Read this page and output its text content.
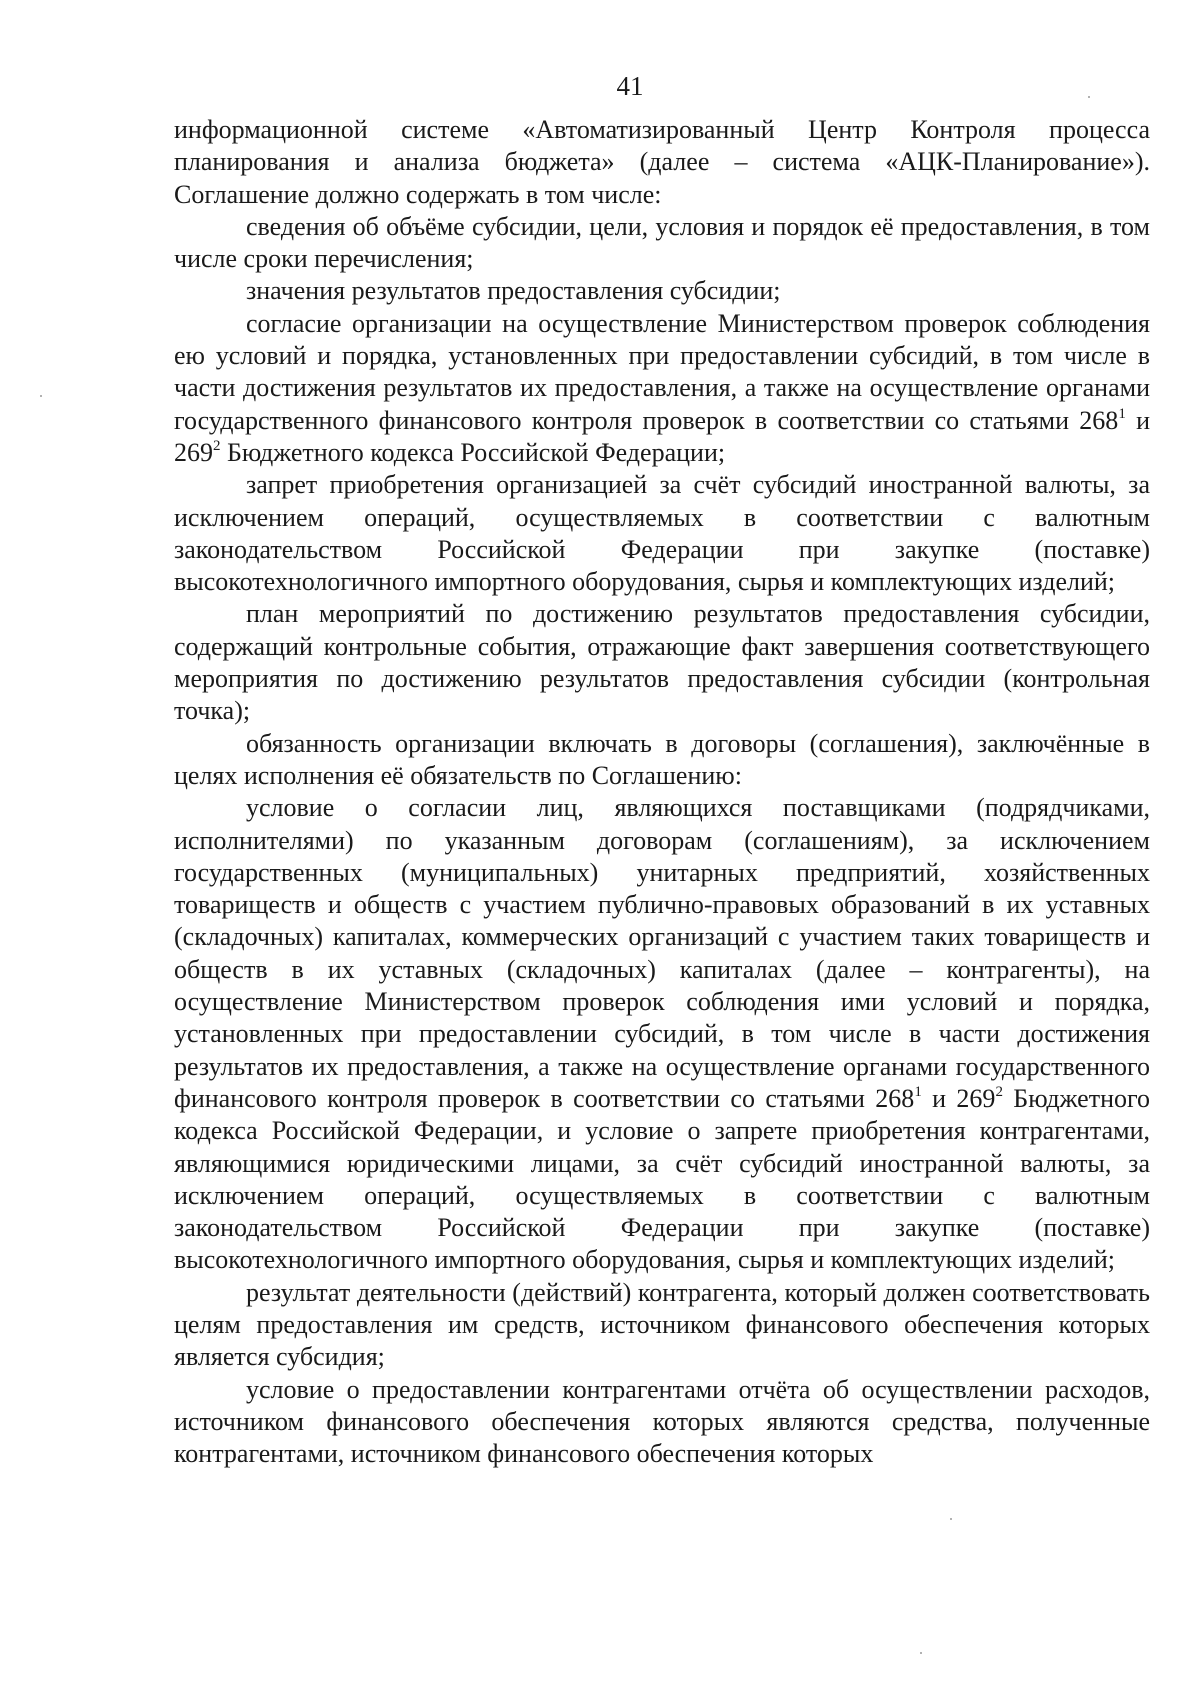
41

информационной системе «Автоматизированный Центр Контроля процесса планирования и анализа бюджета» (далее – система «АЦК-Планирование»). Соглашение должно содержать в том числе:

сведения об объёме субсидии, цели, условия и порядок её предоставления, в том числе сроки перечисления;

значения результатов предоставления субсидии;

согласие организации на осуществление Министерством проверок соблюдения ею условий и порядка, установленных при предоставлении субсидий, в том числе в части достижения результатов их предоставления, а также на осуществление органами государственного финансового контроля проверок в соответствии со статьями $268^1$ и $269^2$ Бюджетного кодекса Российской Федерации;

запрет приобретения организацией за счёт субсидий иностранной валюты, за исключением операций, осуществляемых в соответствии с валютным законодательством Российской Федерации при закупке (поставке) высокотехнологичного импортного оборудования, сырья и комплектующих изделий;

план мероприятий по достижению результатов предоставления субсидии, содержащий контрольные события, отражающие факт завершения соответствующего мероприятия по достижению результатов предоставления субсидии (контрольная точка);

обязанность организации включать в договоры (соглашения), заключённые в целях исполнения её обязательств по Соглашению:

условие о согласии лиц, являющихся поставщиками (подрядчиками, исполнителями) по указанным договорам (соглашениям), за исключением государственных (муниципальных) унитарных предприятий, хозяйственных товариществ и обществ с участием публично-правовых образований в их уставных (складочных) капиталах, коммерческих организаций с участием таких товариществ и обществ в их уставных (складочных) капиталах (далее – контрагенты), на осуществление Министерством проверок соблюдения ими условий и порядка, установленных при предоставлении субсидий, в том числе в части достижения результатов их предоставления, а также на осуществление органами государственного финансового контроля проверок в соответствии со статьями $268^1$ и $269^2$ Бюджетного кодекса Российской Федерации, и условие о запрете приобретения контрагентами, являющимися юридическими лицами, за счёт субсидий иностранной валюты, за исключением операций, осуществляемых в соответствии с валютным законодательством Российской Федерации при закупке (поставке) высокотехнологичного импортного оборудования, сырья и комплектующих изделий;

результат деятельности (действий) контрагента, который должен соответствовать целям предоставления им средств, источником финансового обеспечения которых является субсидия;

условие о предоставлении контрагентами отчёта об осуществлении расходов, источником финансового обеспечения которых являются средства, полученные контрагентами, источником финансового обеспечения которых
